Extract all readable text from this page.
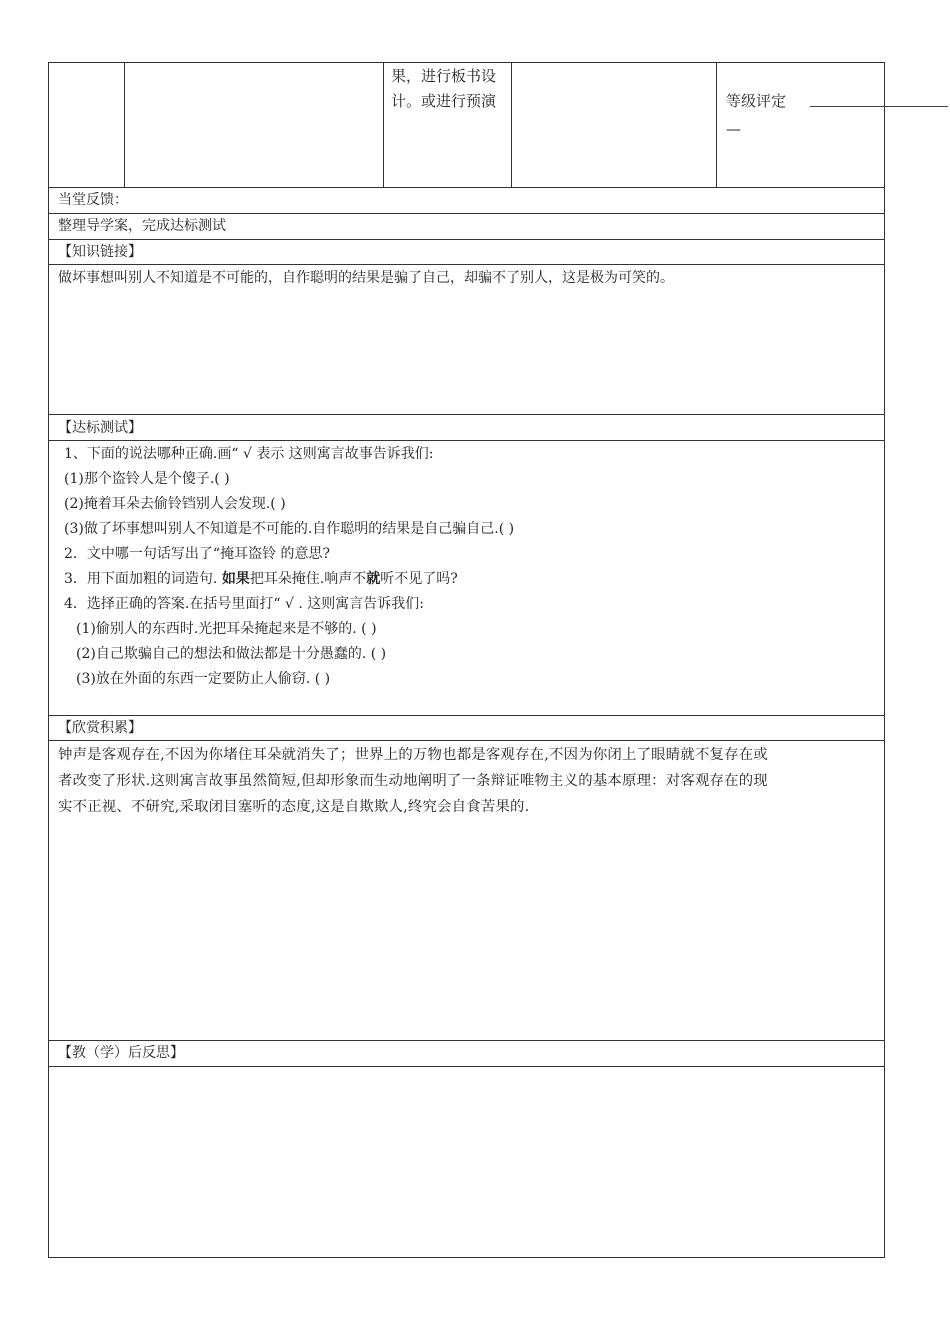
果，进行板书设
计。或进行预演	等级评定
—
当堂反馈：
整理导学案，完成达标测试
【知识链接】
做坏事想叫别人不知道是不可能的，自作聪明的结果是骗了自己，却骗不了别人，这是极为可笑的。
【达标测试】
1、下面的说法哪种正确.画“ √ 表示 这则寓言故事告诉我们:
(1)那个盗铃人是个傻子.( )
(2)掩着耳朵去偷铃铛别人会发现.( )
(3)做了坏事想叫别人不知道是不可能的.自作聪明的结果是自己骗自己.( )
2．文中哪一句话写出了“掩耳盗铃 的意思?
3．用下面加粗的词造句. 如果把耳朵掩住.响声不就听不见了吗?
4．选择正确的答案.在括号里面打“ √ . 这则寓言告诉我们:
(1)偷别人的东西时.光把耳朵掩起来是不够的. ( )
(2)自己欺骗自己的想法和做法都是十分愚蠢的. ( )
(3)放在外面的东西一定要防止人偷窃. ( )
【欣赏积累】
钟声是客观存在,不因为你堵住耳朵就消失了；世界上的万物也都是客观存在,不因为你闭上了眼睛就不复存在或
者改变了形状.这则寓言故事虽然简短,但却形象而生动地阐明了一条辩证唯物主义的基本原理：对客观存在的现
实不正视、不研究,采取闭目塞听的态度,这是自欺欺人,终究会自食苦果的.
【教（学）后反思】
